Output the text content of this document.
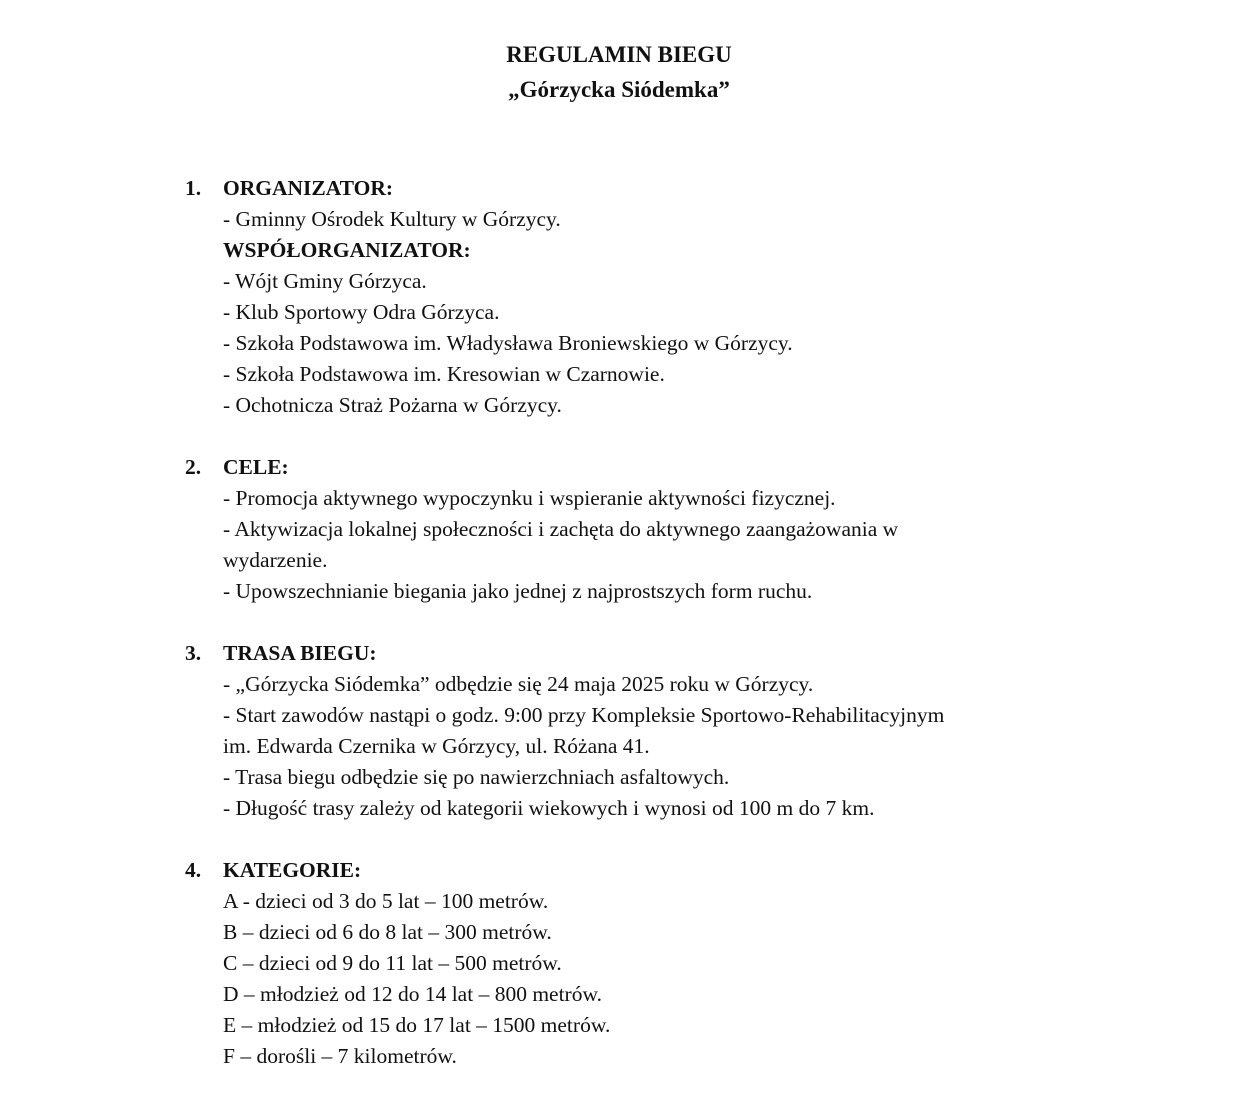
REGULAMIN BIEGU
„Górzycka Siódemka”
1.	ORGANIZATOR:
- Gminny Ośrodek Kultury w Górzycy.
WSPÓŁORGANIZATOR:
- Wójt Gminy Górzyca.
- Klub Sportowy Odra Górzyca.
- Szkoła Podstawowa im. Władysława Broniewskiego w Górzycy.
- Szkoła Podstawowa im. Kresowian w Czarnowie.
- Ochotnicza Straż Pożarna w Górzycy.
2.	CELE:
- Promocja aktywnego wypoczynku i wspieranie aktywności fizycznej.
- Aktywizacja lokalnej społeczności i zachęta do aktywnego zaangażowania w
wydarzenie.
- Upowszechnianie biegania jako jednej z najprostszych form ruchu.
3.	TRASA BIEGU:
- „Górzycka Siódemka” odbędzie się 24 maja 2025 roku w Górzycy.
- Start zawodów nastąpi o godz. 9:00 przy Kompleksie Sportowo-Rehabilitacyjnym
im. Edwarda Czernika w Górzycy, ul. Różana 41.
- Trasa biegu odbędzie się po nawierzchniach asfaltowych.
- Długość trasy zależy od kategorii wiekowych i wynosi od 100 m do 7 km.
4.	KATEGORIE:
A - dzieci od 3 do 5 lat – 100 metrów.
B – dzieci od 6 do 8 lat – 300 metrów.
C – dzieci od 9 do 11 lat – 500 metrów.
D – młodzież od 12 do 14 lat – 800 metrów.
E – młodzież od 15 do 17 lat – 1500 metrów.
F – dorośli – 7 kilometrów.
